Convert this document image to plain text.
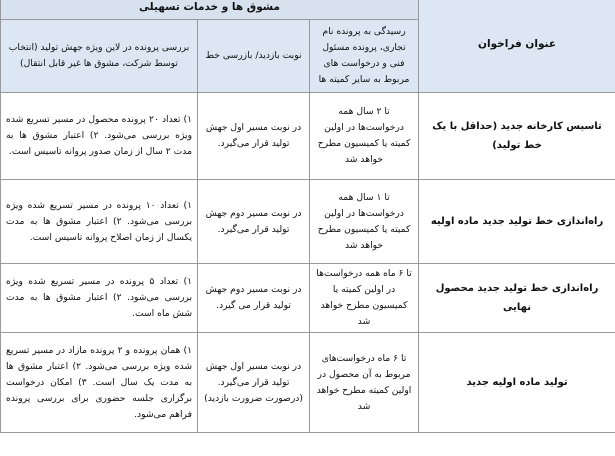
عنوان فراخوان	مشوق ها و خدمات تسهیلی		
	رسیدگی به پرونده نام تجاری، پرونده مسئول فنی و درخواست های مربوط به سایر کمیته ها	نوبت بازدید/ بازرسی خط	بررسی پرونده در لاین ویژه جهش تولید (انتخاب توسط شرکت، مشوق ها غیر قابل انتقال)
تاسیس کارخانه جدید (حداقل با یک خط تولید)	تا ۲ سال همه درخواست‌ها در اولین کمیته یا کمیسیون مطرح خواهد شد	در نوبت مسیر اول جهش تولید قرار می‌گیرد.	۱) تعداد ۲۰ پرونده محصول در مسیر تسریع شده ویژه بررسی می‌شود. ۲) اعتبار مشوق ها به مدت ۲ سال از زمان صدور پروانه تاسیس است.
راه‌اندازی خط تولید جدید ماده اولیه	تا ۱ سال همه درخواست‌ها در اولین کمیته یا کمیسیون مطرح خواهد شد	در نوبت مسیر دوم جهش تولید قرار می‌گیرد.	۱) تعداد ۱۰ پرونده در مسیر تسریع شده ویژه بررسی می‌شود. ۲) اعتبار مشوق ها به مدت یکسال از زمان اصلاح پروانه تاسیس است.
راه‌اندازی خط تولید جدید محصول نهایی	تا ۶ ماه همه درخواست‌ها در اولین کمیته یا کمیسیون مطرح خواهد شد	در نوبت مسیر دوم جهش تولید قرار می گیرد.	۱) تعداد ۵ پرونده در مسیر تسریع شده ویژه بررسی می‌شود. ۲) اعتبار مشوق ها به مدت شش ماه است.
تولید ماده اولیه جدید	تا ۶ ماه درخواست‌های مربوط به آن محصول در اولین کمیته مطرح خواهد شد	در نوبت مسیر اول جهش تولید قرار می‌گیرد. (درصورت ضرورت بازدید)	۱) همان پرونده و ۲ پرونده مازاد در مسیر تسریع شده ویژه بررسی می‌شود. ۲) اعتبار مشوق ها به مدت یک سال است. ۳) امکان درخواست برگزاری جلسه حضوری برای بررسی پرونده فراهم می‌شود.
